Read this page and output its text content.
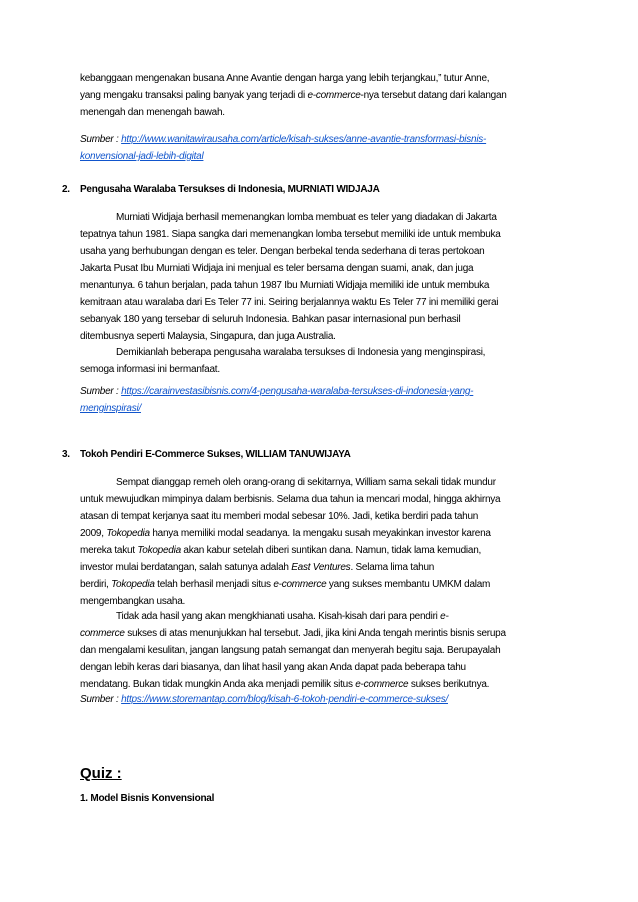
kebanggaan mengenakan busana Anne Avantie dengan harga yang lebih terjangkau,” tutur Anne,
yang mengaku transaksi paling banyak yang terjadi di e-commerce-nya tersebut datang dari kalangan
menengah dan menengah bawah.

Sumber : http://www.wanitawirausaha.com/article/kisah-sukses/anne-avantie-transformasi-bisnis-
konvensional-jadi-lebih-digital

2. Pengusaha Waralaba Tersukses di Indonesia, MURNIATI WIDJAJA

Murniati Widjaja berhasil memenangkan lomba membuat es teler yang diadakan di Jakarta
tepatnya tahun 1981. Siapa sangka dari memenangkan lomba tersebut memiliki ide untuk membuka
usaha yang berhubungan dengan es teler. Dengan berbekal tenda sederhana di teras pertokoan
Jakarta Pusat Ibu Murniati Widjaja ini menjual es teler bersama dengan suami, anak, dan juga
menantunya. 6 tahun berjalan, pada tahun 1987 Ibu Murniati Widjaja memiliki ide untuk membuka
kemitraan atau waralaba dari Es Teler 77 ini. Seiring berjalannya waktu Es Teler 77 ini memiliki gerai
sebanyak 180 yang tersebar di seluruh Indonesia. Bahkan pasar internasional pun berhasil
ditembusnya seperti Malaysia, Singapura, dan juga Australia.

Demikianlah beberapa pengusaha waralaba tersukses di Indonesia yang menginspirasi,
semoga informasi ini bermanfaat.

Sumber : https://carainvestasibisnis.com/4-pengusaha-waralaba-tersukses-di-indonesia-yang-
menginspirasi/

3. Tokoh Pendiri E-Commerce Sukses, WILLIAM TANUWIJAYA

Sempat dianggap remeh oleh orang-orang di sekitarnya, William sama sekali tidak mundur
untuk mewujudkan mimpinya dalam berbisnis. Selama dua tahun ia mencari modal, hingga akhirnya
atasan di tempat kerjanya saat itu memberi modal sebesar 10%. Jadi, ketika berdiri pada tahun
2009, Tokopedia hanya memiliki modal seadanya. Ia mengaku susah meyakinkan investor karena
mereka takut Tokopedia akan kabur setelah diberi suntikan dana. Namun, tidak lama kemudian,
investor mulai berdatangan, salah satunya adalah East Ventures. Selama lima tahun
berdiri, Tokopedia telah berhasil menjadi situs e-commerce yang sukses membantu UMKM dalam
mengembangkan usaha.

Tidak ada hasil yang akan mengkhianati usaha. Kisah-kisah dari para pendiri e-
commerce sukses di atas menunjukkan hal tersebut. Jadi, jika kini Anda tengah merintis bisnis serupa
dan mengalami kesulitan, jangan langsung patah semangat dan menyerah begitu saja. Berupayalah
dengan lebih keras dari biasanya, dan lihat hasil yang akan Anda dapat pada beberapa tahu
mendatang. Bukan tidak mungkin Anda aka menjadi pemilik situs e-commerce sukses berikutnya.

Sumber : https://www.storemantap.com/blog/kisah-6-tokoh-pendiri-e-commerce-sukses/

Quiz :

1. Model Bisnis Konvensional
